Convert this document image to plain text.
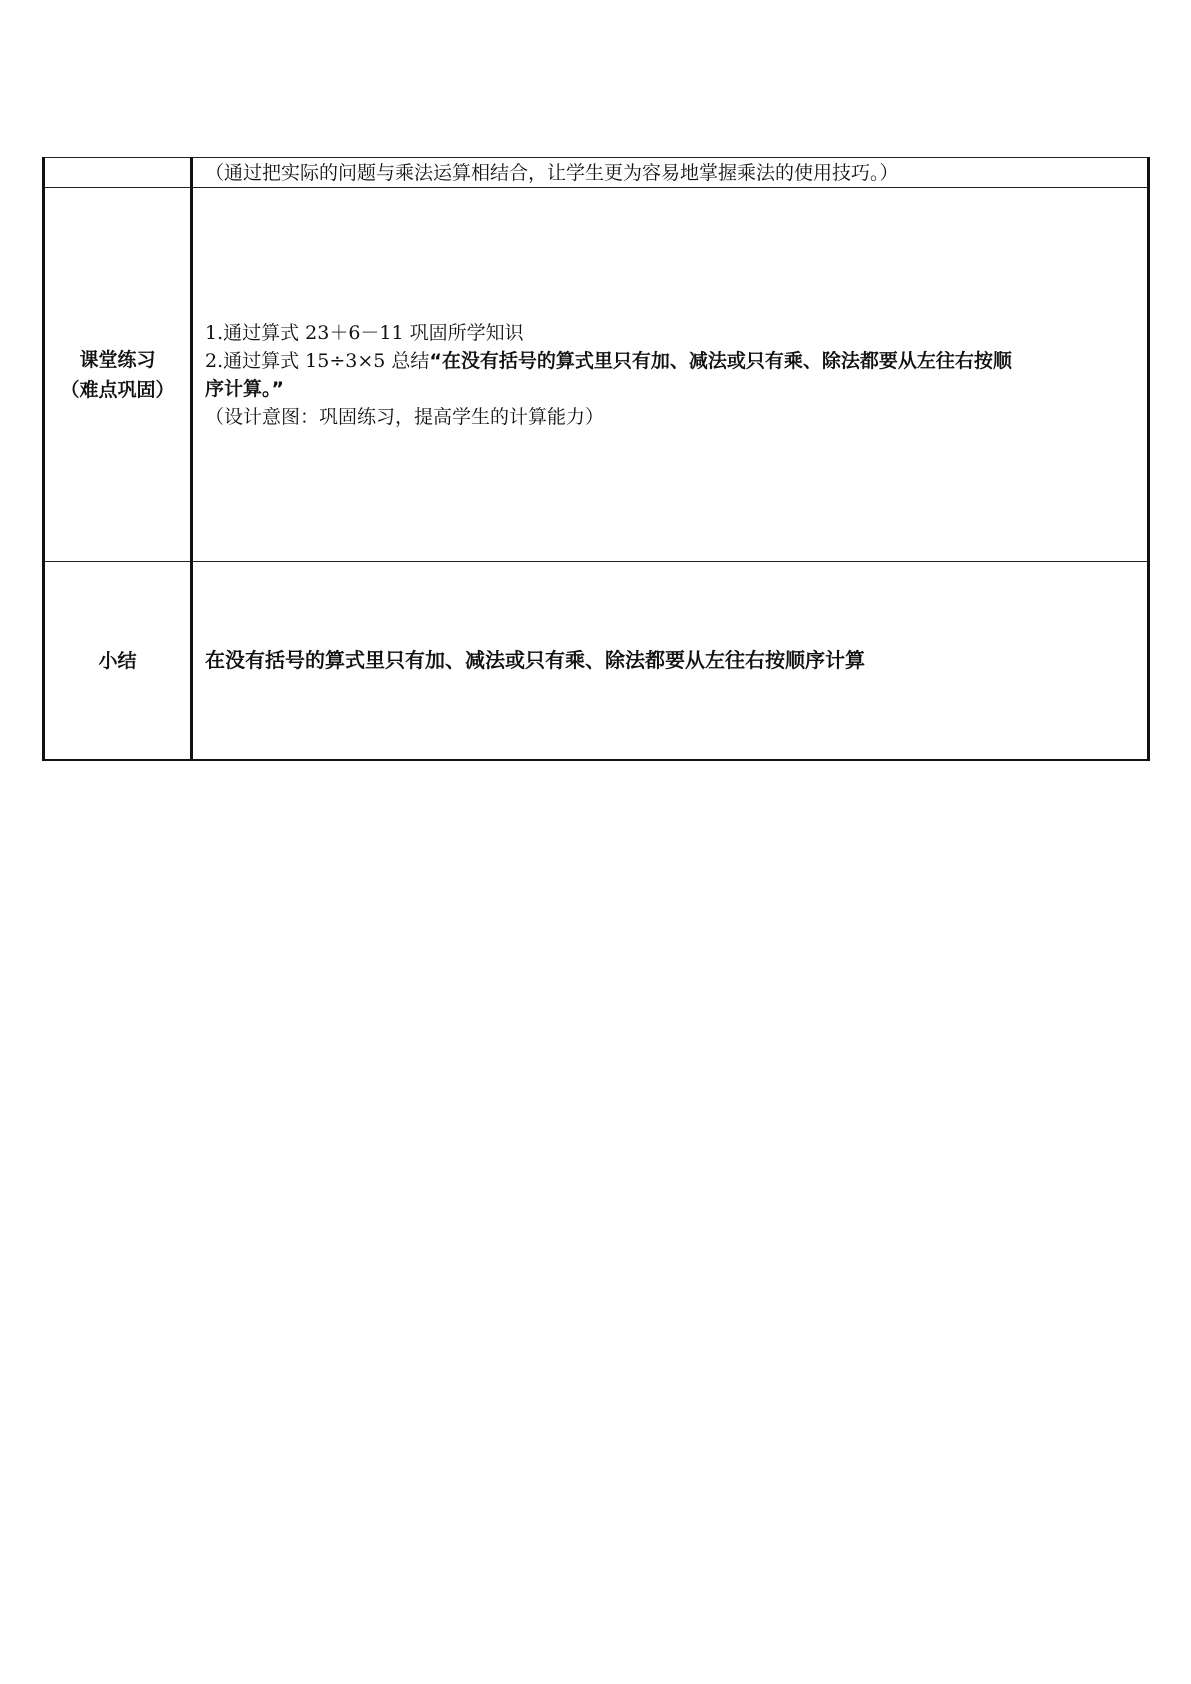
	（通过把实际的问题与乘法运算相结合，让学生更为容易地掌握乘法的使用技巧。）

课堂练习
（难点巩固）	1.通过算式 23＋6－11 巩固所学知识
2.通过算式 15÷3×5 总结“在没有括号的算式里只有加、减法或只有乘、除法都要从左往右按顺
序计算。”
（设计意图：巩固练习，提高学生的计算能力）

小结	在没有括号的算式里只有加、减法或只有乘、除法都要从左往右按顺序计算
